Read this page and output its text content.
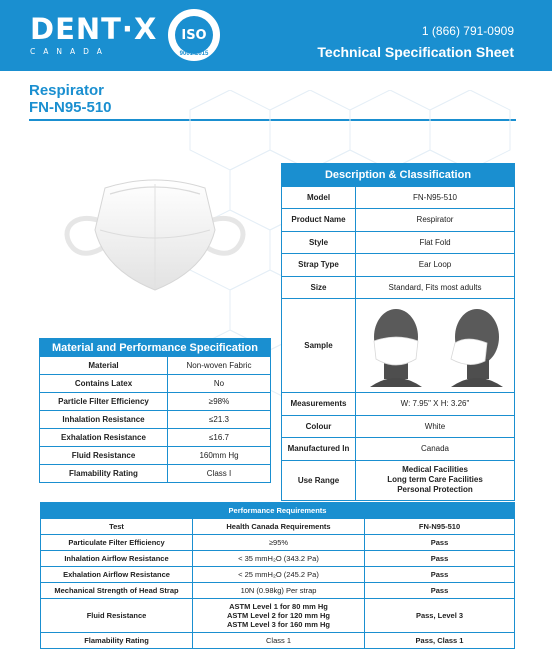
DENT·X
CANADA
ISO
9001:2015
1 (866) 791-0909
Technical Specification Sheet
Respirator
FN-N95-510
Description & Classification	
Model	FN-N95-510
Product Name	Respirator
Style	Flat Fold
Strap Type	Ear Loop
Size	Standard, Fits most adults
Sample	

Measurements	W: 7.95" X H: 3.26"
Colour	White
Manufactured In	Canada
Use Range	Medical Facilities
Long term Care Facilities
Personal Protection
Material and Performance Specification	
Material	Non-woven Fabric
Contains Latex	No
Particle Filter Efficiency	≥98%
Inhalation Resistance	≤21.3
Exhalation Resistance	≤16.7
Fluid Resistance	160mm Hg
Flamability Rating	Class I
Performance Requirements		
Test	Health Canada Requirements	FN-N95-510
Particulate Filter Efficiency	≥95%	Pass
Inhalation Airflow Resistance	< 35 mmH₂O (343.2 Pa)	Pass
Exhalation Airflow Resistance	< 25 mmH₂O (245.2 Pa)	Pass
Mechanical Strength of Head Strap	10N (0.98kg) Per strap	Pass
Fluid Resistance	ASTM Level 1 for 80 mm Hg
ASTM Level 2 for 120 mm Hg
ASTM Level 3 for 160 mm Hg	Pass, Level 3
Flamability Rating	Class 1	Pass, Class 1
